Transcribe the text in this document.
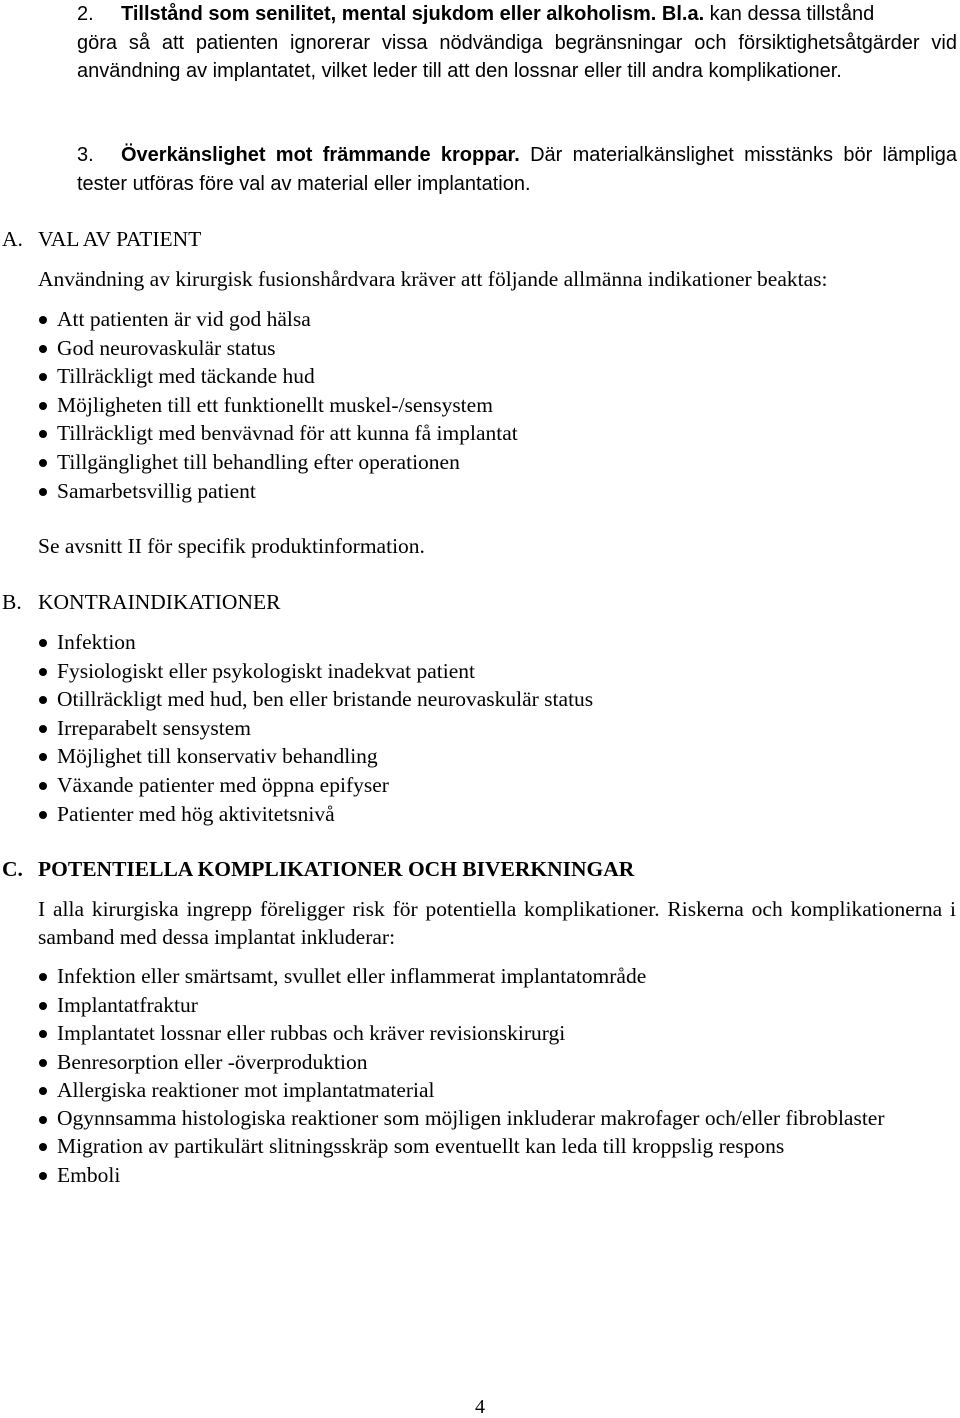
2. Tillstånd som senilitet, mental sjukdom eller alkoholism. Bl.a. kan dessa tillstånd
göra så att patienten ignorerar vissa nödvändiga begränsningar och försiktighetsåtgärder vid användning av implantatet, vilket leder till att den lossnar eller till andra komplikationer.
3. Överkänslighet mot främmande kroppar. Där materialkänslighet misstänks bör lämpliga tester utföras före val av material eller implantation.
A. VAL AV PATIENT
Användning av kirurgisk fusionshårdvara kräver att följande allmänna indikationer beaktas:
Att patienten är vid god hälsa
God neurovaskulär status
Tillräckligt med täckande hud
Möjligheten till ett funktionellt muskel-/sensystem
Tillräckligt med benvävnad för att kunna få implantat
Tillgänglighet till behandling efter operationen
Samarbetsvillig patient
Se avsnitt II för specifik produktinformation.
B. KONTRAINDIKATIONER
Infektion
Fysiologiskt eller psykologiskt inadekvat patient
Otillräckligt med hud, ben eller bristande neurovaskulär status
Irreparabelt sensystem
Möjlighet till konservativ behandling
Växande patienter med öppna epifyser
Patienter med hög aktivitetsnivå
C. POTENTIELLA KOMPLIKATIONER OCH BIVERKNINGAR
I alla kirurgiska ingrepp föreligger risk för potentiella komplikationer. Riskerna och komplikationerna i samband med dessa implantat inkluderar:
Infektion eller smärtsamt, svullet eller inflammerat implantatområde
Implantatfraktur
Implantatet lossnar eller rubbas och kräver revisionskirurgi
Benresorption eller -överproduktion
Allergiska reaktioner mot implantatmaterial
Ogynnsamma histologiska reaktioner som möjligen inkluderar makrofager och/eller fibroblaster
Migration av partikulärt slitningsskräp som eventuellt kan leda till kroppslig respons
Emboli
4
